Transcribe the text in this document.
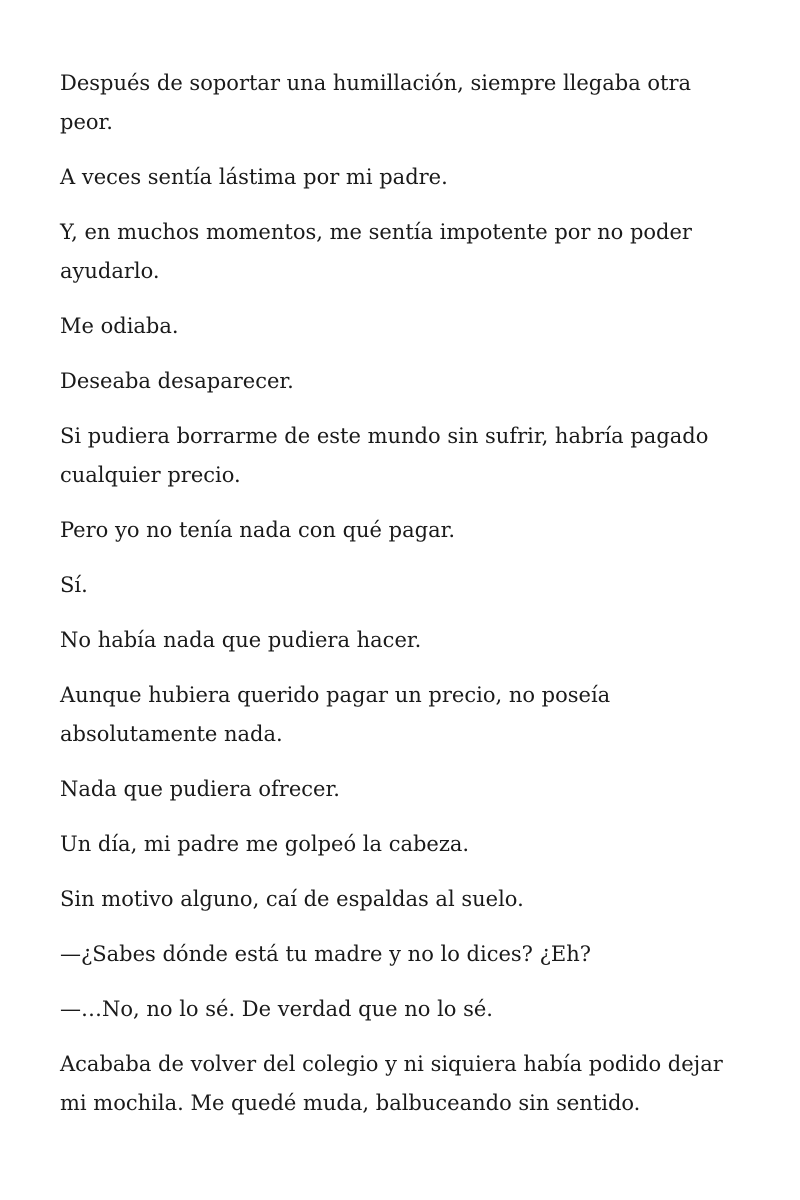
Después de soportar una humillación, siempre llegaba otra peor.

A veces sentía lástima por mi padre.

Y, en muchos momentos, me sentía impotente por no poder ayudarlo.

Me odiaba.

Deseaba desaparecer.

Si pudiera borrarme de este mundo sin sufrir, habría pagado cualquier precio.

Pero yo no tenía nada con qué pagar.

Sí.

No había nada que pudiera hacer.

Aunque hubiera querido pagar un precio, no poseía absolutamente nada.

Nada que pudiera ofrecer.

Un día, mi padre me golpeó la cabeza.

Sin motivo alguno, caí de espaldas al suelo.

—¿Sabes dónde está tu madre y no lo dices? ¿Eh?

—…No, no lo sé. De verdad que no lo sé.

Acababa de volver del colegio y ni siquiera había podido dejar mi mochila. Me quedé muda, balbuceando sin sentido.
